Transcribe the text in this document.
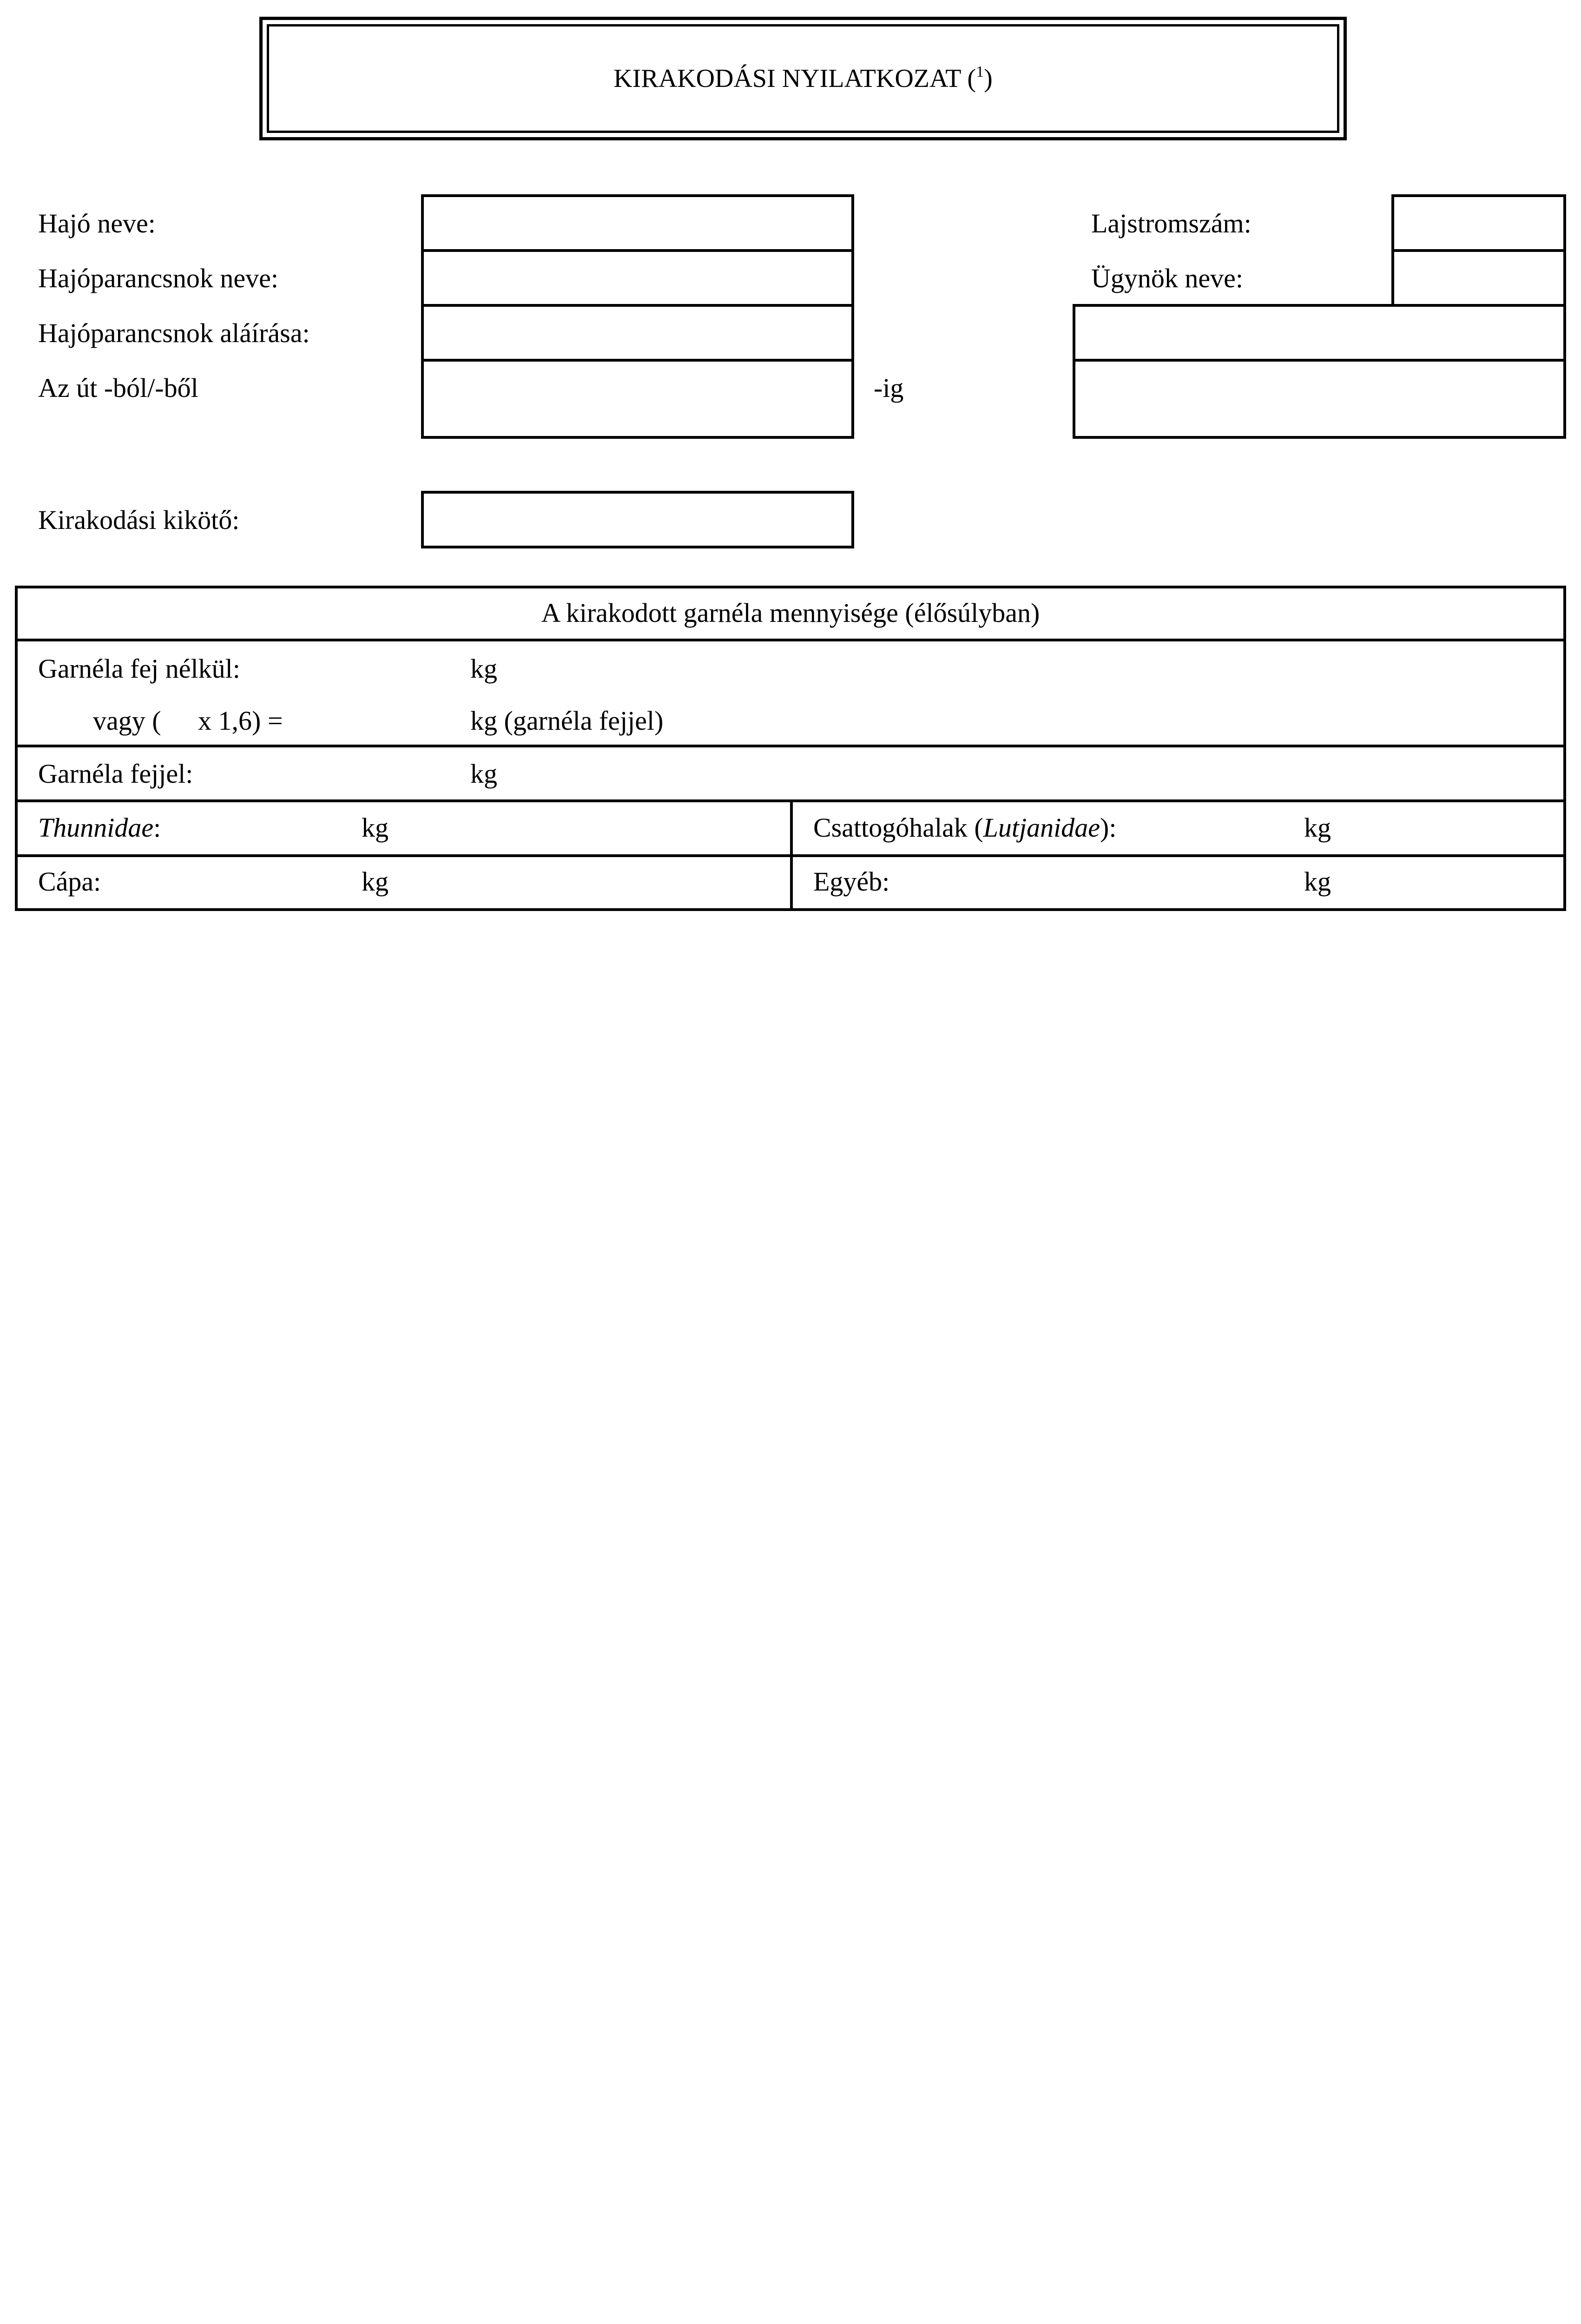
KIRAKODÁSI NYILATKOZAT ($^1$)
Hajó neve:
Hajóparancsnok neve:
Hajóparancsnok aláírása:
Az út -ból/-ből	-ig
Lajstromszám:
Ügynök neve:
Kirakodási kikötő:
A kirakodott garnéla mennyisége (élősúlyban)
Garnéla fej nélkül:	kg
vagy ( x 1,6) =	kg (garnéla fejjel)
Garnéla fejjel:	kg
Thunnidae:	kg	Csattogóhalak (Lutjanidae):	kg
Cápa:	kg	Egyéb:	kg
